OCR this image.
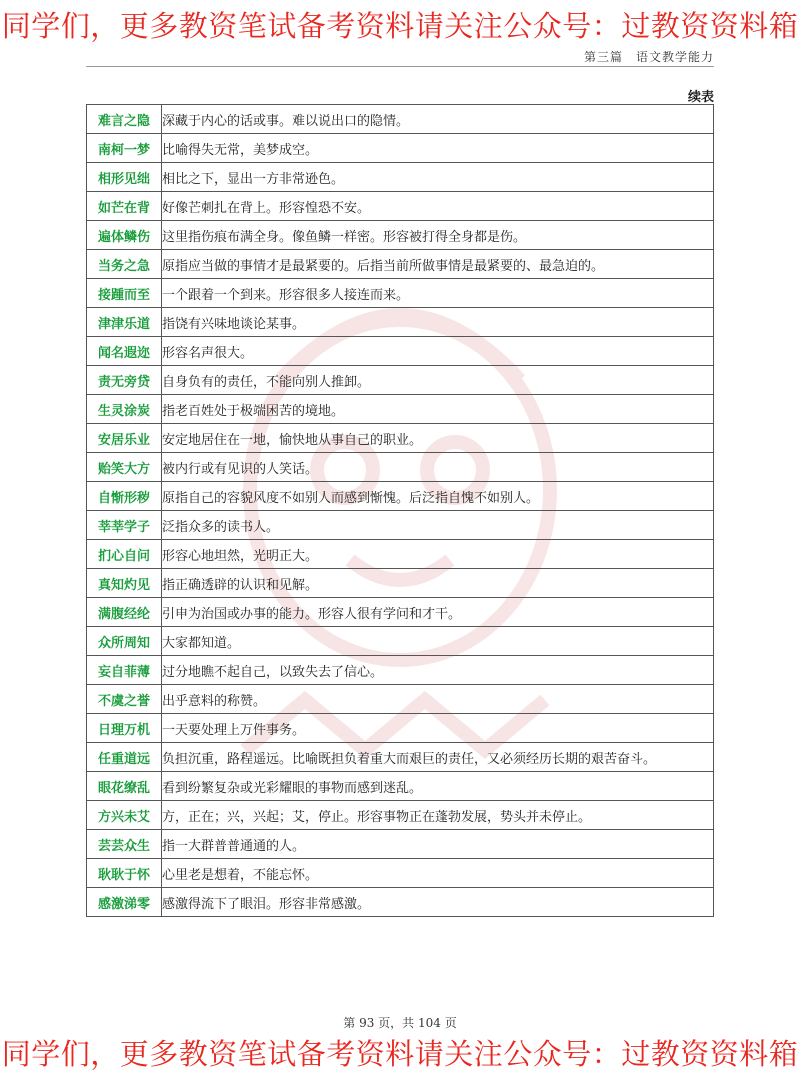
同学们，更多教资笔试备考资料请关注公众号：过教资资料箱
第三篇　语文教学能力
续表
难言之隐	深藏于内心的话或事。难以说出口的隐情。
南柯一梦	比喻得失无常，美梦成空。
相形见绌	相比之下，显出一方非常逊色。
如芒在背	好像芒刺扎在背上。形容惶恐不安。
遍体鳞伤	这里指伤痕布满全身。像鱼鳞一样密。形容被打得全身都是伤。
当务之急	原指应当做的事情才是最紧要的。后指当前所做事情是最紧要的、最急迫的。
接踵而至	一个跟着一个到来。形容很多人接连而来。
津津乐道	指饶有兴味地谈论某事。
闻名遐迩	形容名声很大。
责无旁贷	自身负有的责任，不能向别人推卸。
生灵涂炭	指老百姓处于极端困苦的境地。
安居乐业	安定地居住在一地，愉快地从事自己的职业。
贻笑大方	被内行或有见识的人笑话。
自惭形秽	原指自己的容貌风度不如别人而感到惭愧。后泛指自愧不如别人。
莘莘学子	泛指众多的读书人。
扪心自问	形容心地坦然，光明正大。
真知灼见	指正确透辟的认识和见解。
满腹经纶	引申为治国或办事的能力。形容人很有学问和才干。
众所周知	大家都知道。
妄自菲薄	过分地瞧不起自己，以致失去了信心。
不虞之誉	出乎意料的称赞。
日理万机	一天要处理上万件事务。
任重道远	负担沉重，路程遥远。比喻既担负着重大而艰巨的责任，又必须经历长期的艰苦奋斗。
眼花缭乱	看到纷繁复杂或光彩耀眼的事物而感到迷乱。
方兴未艾	方，正在；兴，兴起；艾，停止。形容事物正在蓬勃发展，势头并未停止。
芸芸众生	指一大群普普通通的人。
耿耿于怀	心里老是想着，不能忘怀。
感激涕零	感激得流下了眼泪。形容非常感激。
第 93 页，共 104 页
同学们，更多教资笔试备考资料请关注公众号：过教资资料箱
